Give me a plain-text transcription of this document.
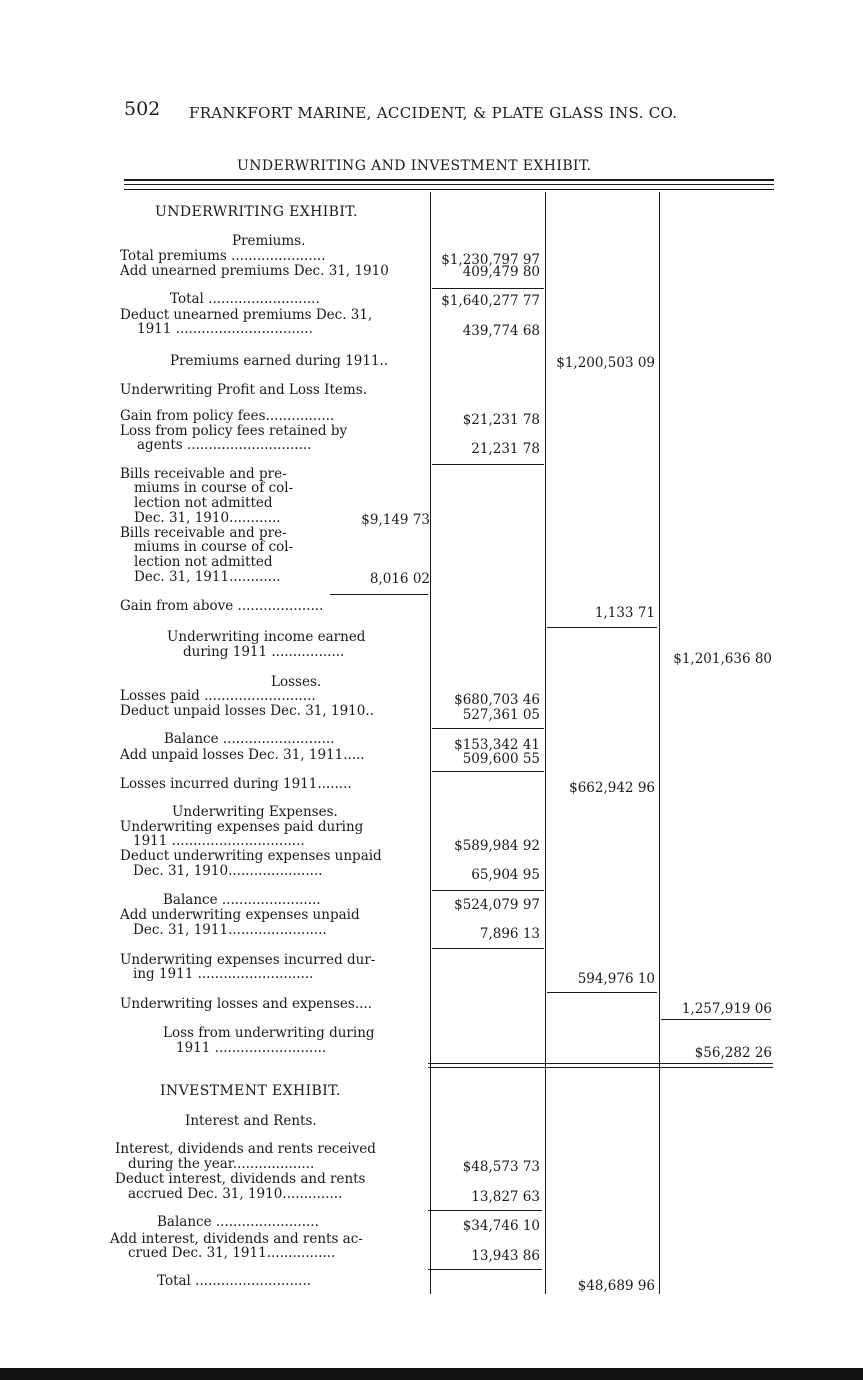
502 FRANKFORT MARINE, ACCIDENT, & PLATE GLASS INS. CO.
UNDERWRITING AND INVESTMENT EXHIBIT.
UNDERWRITING EXHIBIT.
Premiums.
Total premiums ......................	$1,230,797 97
Add unearned premiums Dec. 31, 1910	409,479 80
Total ..........................	$1,640,277 77
Deduct unearned premiums Dec. 31,
1911 ................................	439,774 68
Premiums earned during 1911..	$1,200,503 09
Underwriting Profit and Loss Items.
Gain from policy fees................	$21,231 78
Loss from policy fees retained by
agents .............................	21,231 78
Bills receivable and pre-
miums in course of col-
lection not admitted
Dec. 31, 1910............	$9,149 73
Bills receivable and pre-
miums in course of col-
lection not admitted
Dec. 31, 1911............	8,016 02
Gain from above ....................	1,133 71
Underwriting income earned
during 1911 .................	$1,201,636 80
Losses.
Losses paid ..........................	$680,703 46
Deduct unpaid losses Dec. 31, 1910..	527,361 05
Balance ..........................	$153,342 41
Add unpaid losses Dec. 31, 1911.....	509,600 55
Losses incurred during 1911........	$662,942 96
Underwriting Expenses.
Underwriting expenses paid during
1911 ...............................	$589,984 92
Deduct underwriting expenses unpaid
Dec. 31, 1910......................	65,904 95
Balance .......................	$524,079 97
Add underwriting expenses unpaid
Dec. 31, 1911.......................	7,896 13
Underwriting expenses incurred dur-
ing 1911 ...........................	594,976 10
Underwriting losses and expenses....	1,257,919 06
Loss from underwriting during
1911 ..........................	$56,282 26
INVESTMENT EXHIBIT.
Interest and Rents.
Interest, dividends and rents received
during the year...................	$48,573 73
Deduct interest, dividends and rents
accrued Dec. 31, 1910..............	13,827 63
Balance ........................	$34,746 10
Add interest, dividends and rents ac-
crued Dec. 31, 1911................	13,943 86
Total ...........................	$48,689 96
